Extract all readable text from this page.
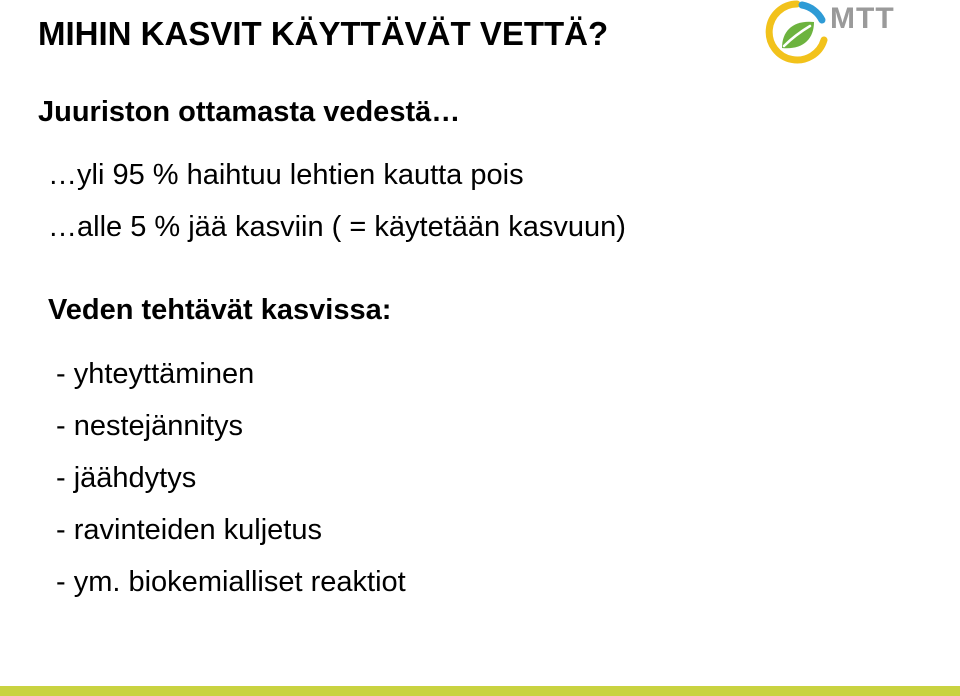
MIHIN KASVIT KÄYTTÄVÄT VETTÄ?	MTT
Juuriston ottamasta vedestä…

…yli 95 % haihtuu lehtien kautta pois

…alle 5 % jää kasviin ( = käytetään kasvuun)

Veden tehtävät kasvissa:
- yhteyttäminen
- nestejännitys
- jäähdytys
- ravinteiden kuljetus
- ym. biokemialliset reaktiot
